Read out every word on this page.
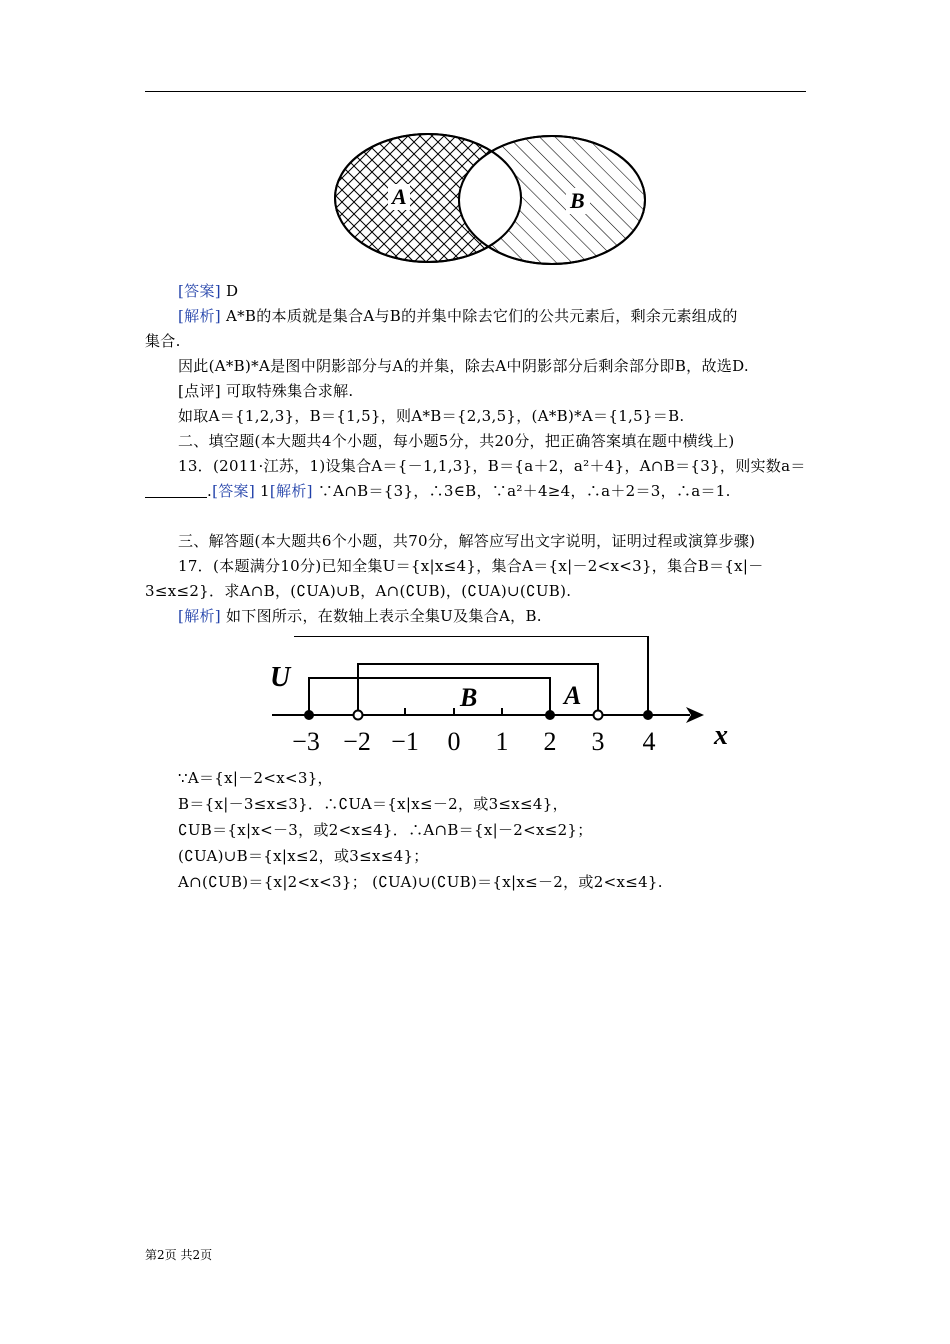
A	B
[答案] D
[解析] A*B的本质就是集合A与B的并集中除去它们的公共元素后，剩余元素组成的
集合.
因此(A*B)*A是图中阴影部分与A的并集，除去A中阴影部分后剩余部分即B，故选D.
[点评] 可取特殊集合求解.
如取A＝{1,2,3}，B＝{1,5}，则A*B＝{2,3,5}，(A*B)*A＝{1,5}＝B.
二、填空题(本大题共4个小题，每小题5分，共20分，把正确答案填在题中横线上)
13．(2011·江苏，1)设集合A＝{－1,1,3}，B＝{a＋2，a²＋4}，A∩B＝{3}，则实数a＝
.[答案] 1[解析] ∵A∩B＝{3}，∴3∈B，∵a²＋4≥4，∴a＋2＝3，∴a＝1.
三、解答题(本大题共6个小题，共70分，解答应写出文字说明，证明过程或演算步骤)
17．(本题满分10分)已知全集U＝{x|x≤4}，集合A＝{x|－2<x<3}，集合B＝{x|－
3≤x≤2}．求A∩B，(∁UA)∪B，A∩(∁UB)，(∁UA)∪(∁UB).
[解析] 如下图所示，在数轴上表示全集U及集合A，B.
U
B	A
x
−3 −2 −1 0 1 2 3 4
∵A＝{x|－2<x<3}，
B＝{x|－3≤x≤3}．∴∁UA＝{x|x≤－2，或3≤x≤4}，
∁UB＝{x|x<－3，或2<x≤4}．∴A∩B＝{x|－2<x≤2}；
(∁UA)∪B＝{x|x≤2，或3≤x≤4}；
A∩(∁UB)＝{x|2<x<3}； (∁UA)∪(∁UB)＝{x|x≤－2，或2<x≤4}.
第2页 共2页
